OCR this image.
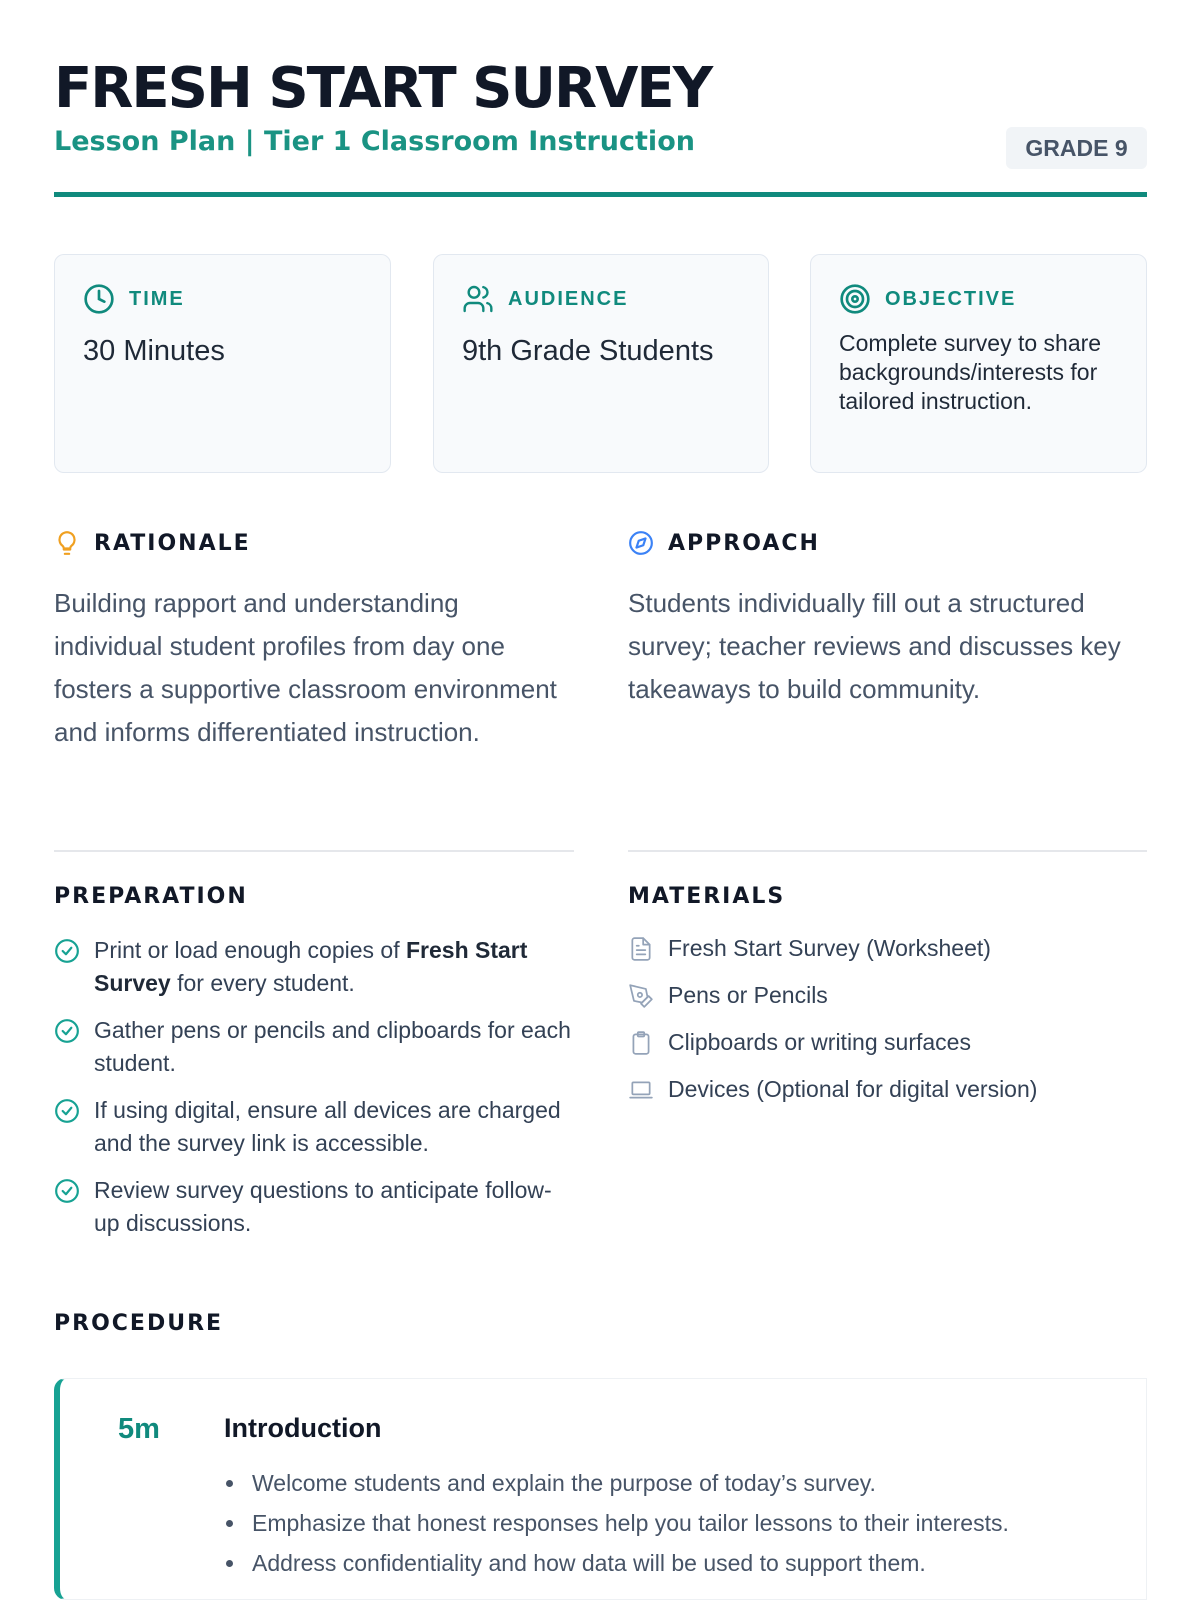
FRESH START SURVEY
Lesson Plan | Tier 1 Classroom Instruction	GRADE 9
TIME
30 Minutes
AUDIENCE
9th Grade Students
OBJECTIVE
Complete survey to share backgrounds/interests for tailored instruction.
RATIONALE
Building rapport and understanding individual student profiles from day one fosters a supportive classroom environment and informs differentiated instruction.
APPROACH
Students individually fill out a structured survey; teacher reviews and discusses key takeaways to build community.
PREPARATION
Print or load enough copies of Fresh Start Survey for every student.
Gather pens or pencils and clipboards for each student.
If using digital, ensure all devices are charged and the survey link is accessible.
Review survey questions to anticipate follow-up discussions.
MATERIALS
Fresh Start Survey (Worksheet)
Pens or Pencils
Clipboards or writing surfaces
Devices (Optional for digital version)
PROCEDURE
5m Introduction
Welcome students and explain the purpose of today’s survey.
Emphasize that honest responses help you tailor lessons to their interests.
Address confidentiality and how data will be used to support them.
